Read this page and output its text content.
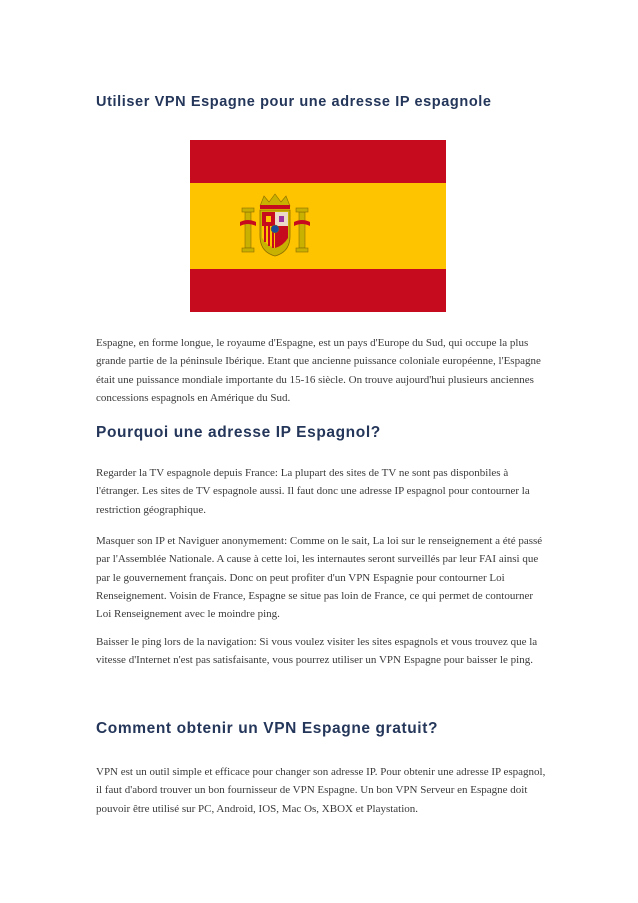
Utiliser VPN Espagne pour une adresse IP espagnole

Espagne, en forme longue, le royaume d'Espagne, est un pays d'Europe du Sud, qui occupe la plus grande partie de la péninsule Ibérique. Etant que ancienne puissance coloniale européenne, l'Espagne était une puissance mondiale importante du 15-16 siècle. On trouve aujourd'hui plusieurs anciennes concessions espagnols en Amérique du Sud.

Pourquoi une adresse IP Espagnol?

Regarder la TV espagnole depuis France: La plupart des sites de TV ne sont pas disponbiles à l'étranger. Les sites de TV espagnole aussi. Il faut donc une adresse IP espagnol pour contourner la restriction géographique.

Masquer son IP et Naviguer anonymement: Comme on le sait, La loi sur le renseignement a été passé par l'Assemblée Nationale. A cause à cette loi, les internautes seront surveillés par leur FAI ainsi que par le gouvernement français. Donc on peut profiter d'un VPN Espagnie pour contourner Loi Renseignement. Voisin de France, Espagne se situe pas loin de France, ce qui permet de contourner Loi Renseignement avec le moindre ping.

Baisser le ping lors de la navigation: Si vous voulez visiter les sites espagnols et vous trouvez que la vitesse d'Internet n'est pas satisfaisante, vous pourrez utiliser un VPN Espagne pour baisser le ping.

Comment obtenir un VPN Espagne gratuit?

VPN est un outil simple et efficace pour changer son adresse IP. Pour obtenir une adresse IP espagnol, il faut d'abord trouver un bon fournisseur de VPN Espagne. Un bon VPN Serveur en Espagne doit pouvoir être utilisé sur PC, Android, IOS, Mac Os, XBOX et Playstation.
